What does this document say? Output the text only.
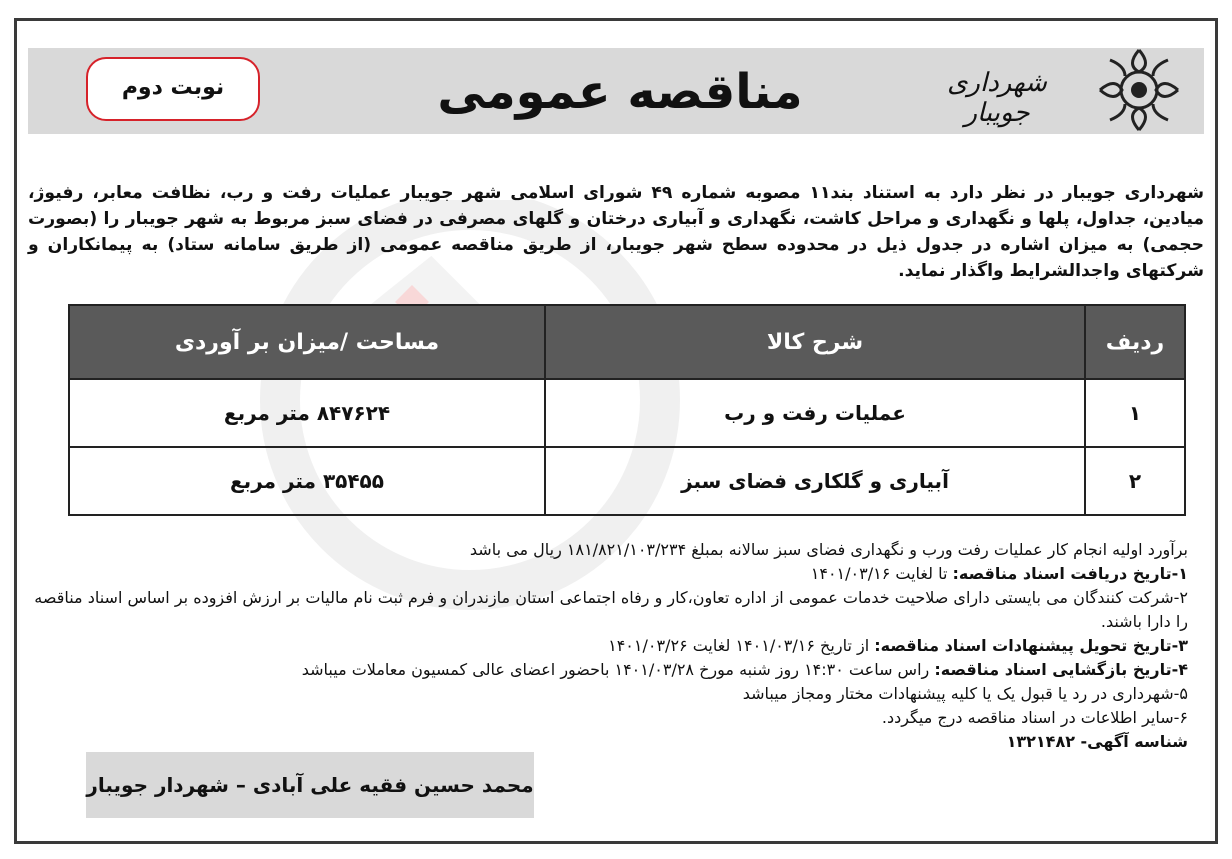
نوبت دوم	مناقصه عمومی	شهرداری جویبار
شهرداری جویبار در نظر دارد به استناد بند۱۱ مصوبه شماره ۴۹ شورای اسلامی شهر جویبار عملیات رفت و رب، نظافت معابر، رفیوژ، میادین، جداول، پلها و نگهداری و مراحل کاشت، نگهداری و آبیاری درختان و گلهای مصرفی در فضای سبز مربوط به شهر جویبار را (بصورت حجمی) به میزان اشاره در جدول ذیل در محدوده سطح شهر جویبار، از طریق مناقصه عمومی (از طریق سامانه ستاد) به پیمانکاران و شرکتهای واجدالشرایط واگذار نماید.
ردیف	شرح کالا	مساحت /میزان بر آوردی
۱	عملیات رفت و رب	۸۴۷۶۲۴ متر مربع
۲	آبیاری و گلکاری فضای سبز	۳۵۴۵۵ متر مربع

برآورد اولیه انجام کار عملیات رفت ورب و نگهداری فضای سبز سالانه بمبلغ ۱۸۱/۸۲۱/۱۰۳/۲۳۴ ریال می باشد

۱-تاریخ دریافت اسناد مناقصه: تا لغایت ۱۴۰۱/۰۳/۱۶

۲-شرکت کنندگان می بایستی دارای صلاحیت خدمات عمومی از اداره تعاون،کار و رفاه اجتماعی استان مازندران و فرم ثبت نام مالیات بر ارزش افزوده بر اساس اسناد مناقصه را دارا باشند.

۳-تاریخ تحویل پیشنهادات اسناد مناقصه: از تاریخ ۱۴۰۱/۰۳/۱۶ لغایت ۱۴۰۱/۰۳/۲۶

۴-تاریخ بازگشایی اسناد مناقصه: راس ساعت ۱۴:۳۰ روز شنبه مورخ ۱۴۰۱/۰۳/۲۸ باحضور اعضای عالی کمسیون معاملات میباشد

۵-شهرداری در رد یا قبول یک یا کلیه پیشنهادات مختار ومجاز میباشد

۶-سایر اطلاعات در اسناد مناقصه درج میگردد.

شناسه آگهی- ۱۳۲۱۴۸۲

محمد حسین فقیه علی آبادی – شهردار جویبار
